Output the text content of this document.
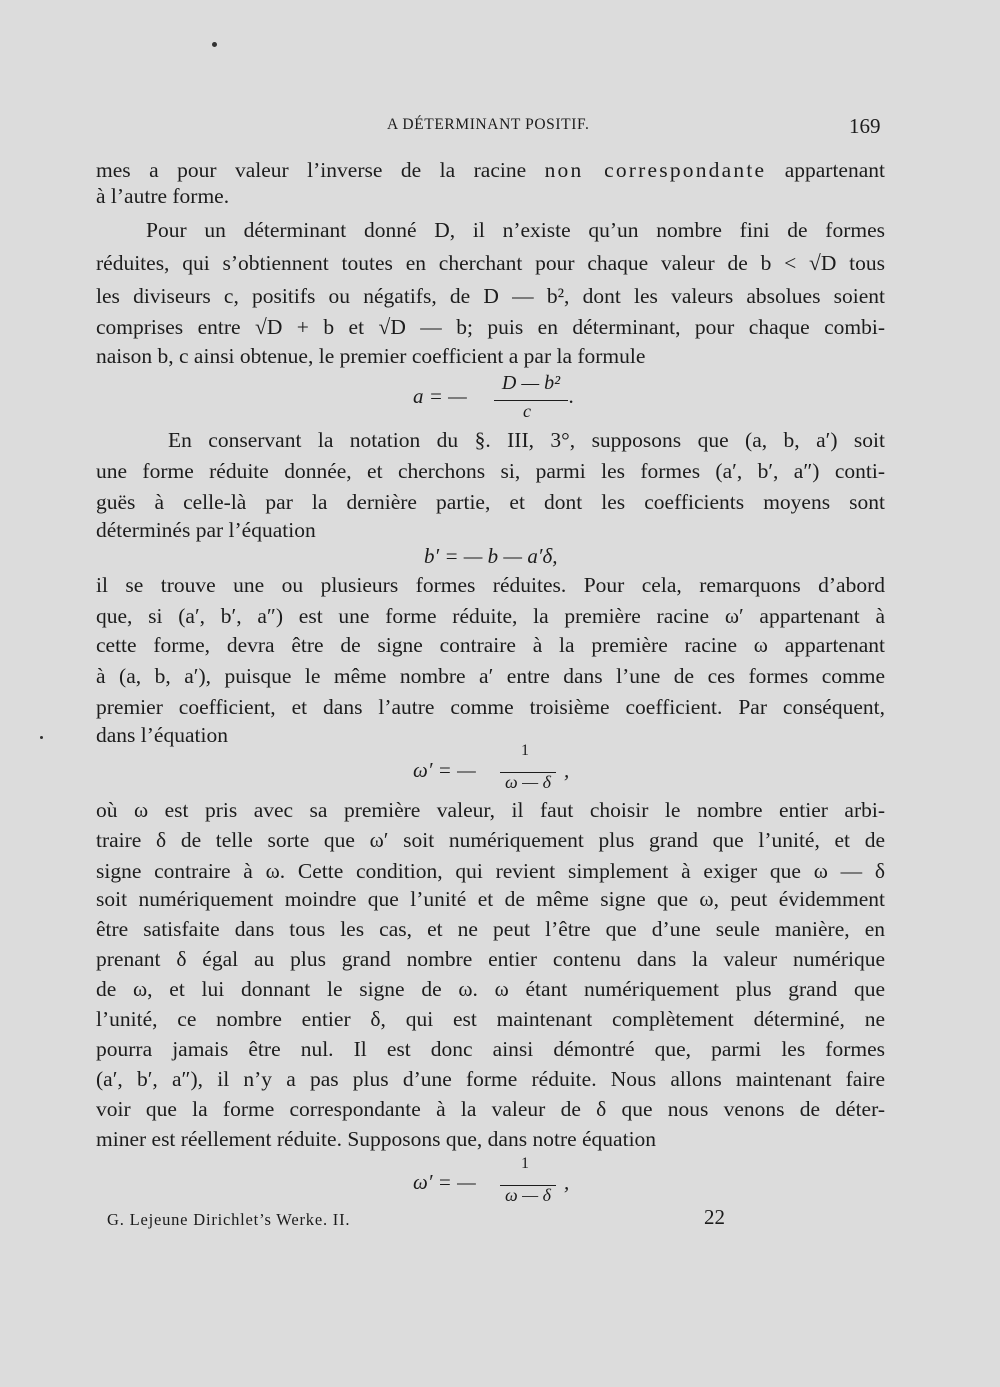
A DÉTERMINANT POSITIF.	169
mes a pour valeur l’inverse de la racine non correspondante appartenant
à l’autre forme.
Pour un déterminant donné D, il n’existe qu’un nombre fini de formes
réduites, qui s’obtiennent toutes en cherchant pour chaque valeur de b < √D tous
les diviseurs c, positifs ou négatifs, de D — b², dont les valeurs absolues soient
comprises entre √D + b et √D — b; puis en déterminant, pour chaque combi-
naison b, c ainsi obtenue, le premier coefficient a par la formule
a = —
D — b²
c
.
En conservant la notation du §. III, 3°, supposons que (a, b, a′) soit
une forme réduite donnée, et cherchons si, parmi les formes (a′, b′, a″) conti-
guës à celle-là par la dernière partie, et dont les coefficients moyens sont
déterminés par l’équation
b′ = — b — a′δ,
il se trouve une ou plusieurs formes réduites. Pour cela, remarquons d’abord
que, si (a′, b′, a″) est une forme réduite, la première racine ω′ appartenant à
cette forme, devra être de signe contraire à la première racine ω appartenant
à (a, b, a′), puisque le même nombre a′ entre dans l’une de ces formes comme
premier coefficient, et dans l’autre comme troisième coefficient. Par conséquent,
dans l’équation
ω′ = —
1
ω — δ ,
où ω est pris avec sa première valeur, il faut choisir le nombre entier arbi-
traire δ de telle sorte que ω′ soit numériquement plus grand que l’unité, et de
signe contraire à ω. Cette condition, qui revient simplement à exiger que ω — δ
soit numériquement moindre que l’unité et de même signe que ω, peut évidemment
être satisfaite dans tous les cas, et ne peut l’être que d’une seule manière, en
prenant δ égal au plus grand nombre entier contenu dans la valeur numérique
de ω, et lui donnant le signe de ω. ω étant numériquement plus grand que
l’unité, ce nombre entier δ, qui est maintenant complètement déterminé, ne
pourra jamais être nul. Il est donc ainsi démontré que, parmi les formes
(a′, b′, a″), il n’y a pas plus d’une forme réduite. Nous allons maintenant faire
voir que la forme correspondante à la valeur de δ que nous venons de déter-
miner est réellement réduite. Supposons que, dans notre équation
ω′ = —
1
ω — δ
,
G. Lejeune Dirichlet’s Werke. II.	22
